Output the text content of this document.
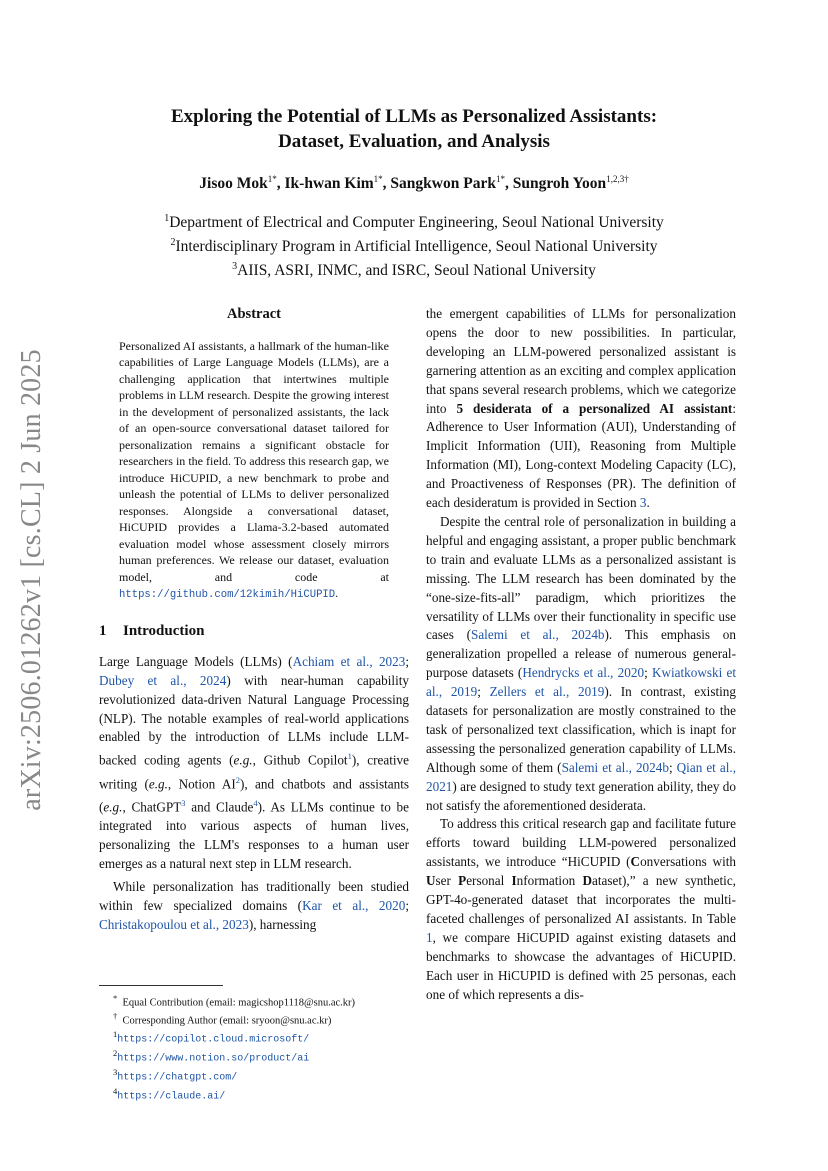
arXiv:2506.01262v1 [cs.CL] 2 Jun 2025
Exploring the Potential of LLMs as Personalized Assistants:
Dataset, Evaluation, and Analysis
Jisoo Mok$^{1*}$, Ik-hwan Kim$^{1*}$, Sangkwon Park$^{1*}$, Sungroh Yoon$^{1,2,3\dagger}$
$^1$Department of Electrical and Computer Engineering, Seoul National University
$^2$Interdisciplinary Program in Artificial Intelligence, Seoul National University
$^3$AIIS, ASRI, INMC, and ISRC, Seoul National University
Abstract
Personalized AI assistants, a hallmark of the human-like capabilities of Large Language Models (LLMs), are a challenging application that intertwines multiple problems in LLM research. Despite the growing interest in the development of personalized assistants, the lack of an open-source conversational dataset tailored for personalization remains a significant obstacle for researchers in the field. To address this research gap, we introduce HiCUPID, a new benchmark to probe and unleash the potential of LLMs to deliver personalized responses. Alongside a conversational dataset, HiCUPID provides a Llama-3.2-based automated evaluation model whose assessment closely mirrors human preferences. We release our dataset, evaluation model, and code at https://github.com/12kimih/HiCUPID.
1 Introduction

Large Language Models (LLMs) (Achiam et al., 2023; Dubey et al., 2024) with near-human capability revolutionized data-driven Natural Language Processing (NLP). The notable examples of real-world applications enabled by the introduction of LLMs include LLM-backed coding agents (e.g., Github Copilot$^1$), creative writing (e.g., Notion $AI^2$), and chatbots and assistants (e.g., ChatGPT$^3$ and Claude$^4$). As LLMs continue to be integrated into various aspects of human lives, personalizing the LLM's responses to a human user emerges as a natural next step in LLM research.

While personalization has traditionally been studied within few specialized domains (Kar et al., 2020; Christakopoulou et al., 2023), harnessing

* Equal Contribution (email: magicshop1118@snu.ac.kr)
† Corresponding Author (email: sryoon@snu.ac.kr)
$^1$https://copilot.cloud.microsoft/
$^2$https://www.notion.so/product/ai
$^3$https://chatgpt.com/
$^4$https://claude.ai/

the emergent capabilities of LLMs for personalization opens the door to new possibilities. In particular, developing an LLM-powered personalized assistant is garnering attention as an exciting and complex application that spans several research problems, which we categorize into 5 desiderata of a personalized AI assistant: Adherence to User Information (AUI), Understanding of Implicit Information (UII), Reasoning from Multiple Information (MI), Long-context Modeling Capacity (LC), and Proactiveness of Responses (PR). The definition of each desideratum is provided in Section 3.

Despite the central role of personalization in building a helpful and engaging assistant, a proper public benchmark to train and evaluate LLMs as a personalized assistant is missing. The LLM research has been dominated by the “one-size-fits-all” paradigm, which prioritizes the versatility of LLMs over their functionality in specific use cases (Salemi et al., 2024b). This emphasis on generalization propelled a release of numerous general-purpose datasets (Hendrycks et al., 2020; Kwiatkowski et al., 2019; Zellers et al., 2019). In contrast, existing datasets for personalization are mostly constrained to the task of personalized text classification, which is inapt for assessing the personalized generation capability of LLMs. Although some of them (Salemi et al., 2024b; Qian et al., 2021) are designed to study text generation ability, they do not satisfy the aforementioned desiderata.

To address this critical research gap and facilitate future efforts toward building LLM-powered personalized assistants, we introduce “HiCUPID (Conversations with User Personal Information Dataset),” a new synthetic, GPT-4o-generated dataset that incorporates the multi-faceted challenges of personalized AI assistants. In Table 1, we compare HiCUPID against existing datasets and benchmarks to showcase the advantages of HiCUPID. Each user in HiCUPID is defined with 25 personas, each one of which represents a dis-
